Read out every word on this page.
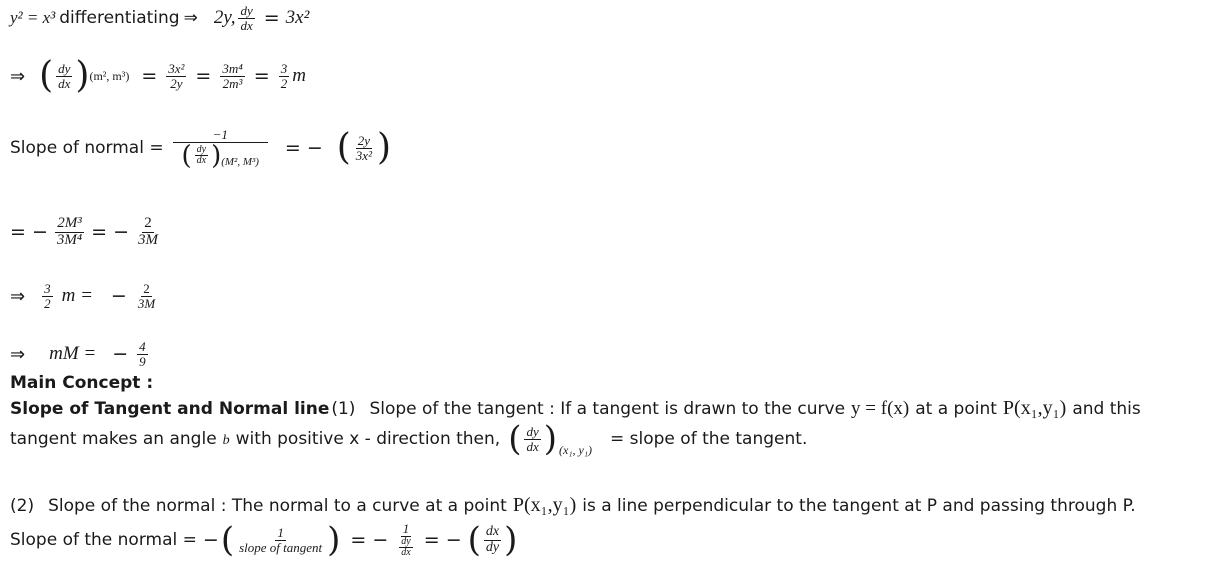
y² = x³ differentiating ⇒ 2y, $\frac{dy}{dx} = 3x^2$
⇒ ( $\frac{dy}{dx}$ ) (m², $m^3) = \frac{\text{3x²}}{2y} = \frac{\text{3m⁴}}{\text{2m³}} = \frac{3}{2}$ m
Slope of normal = $\frac{-1}{( \frac{dy}{dx} ) (M^2, M^3)}$ = − ( $\frac{2y}{\text{3x²}}$ )
= − $\frac{\text{2M³}}{\text{3M⁴}}$ = − $\frac{2}{3M}$
⇒ $\frac{3}{2}$ m = − $\frac{2}{3M}$
⇒ mM = − $\frac{4}{9}$
Main Concept :
Slope of Tangent and Normal line (1) Slope of the tangent : If a tangent is drawn to the curve y = f(x) at a point P(x₁,y₁) and this
tangent makes an angle b with positive x - direction then, ( $\frac{dy}{dx}$ ) (x₁, y₁)
= slope of the tangent.
(2) Slope of the normal : The normal to a curve at a point P(x₁,y₁) is a line perpendicular to the tangent at P and passing through P.
Slope of the normal = − ( $\frac{1}{\text{slope of tangent}}$ ) = − $\frac{1}{\frac{dy}{dx}}$ = − ( $\frac{dx}{dy}$ )
